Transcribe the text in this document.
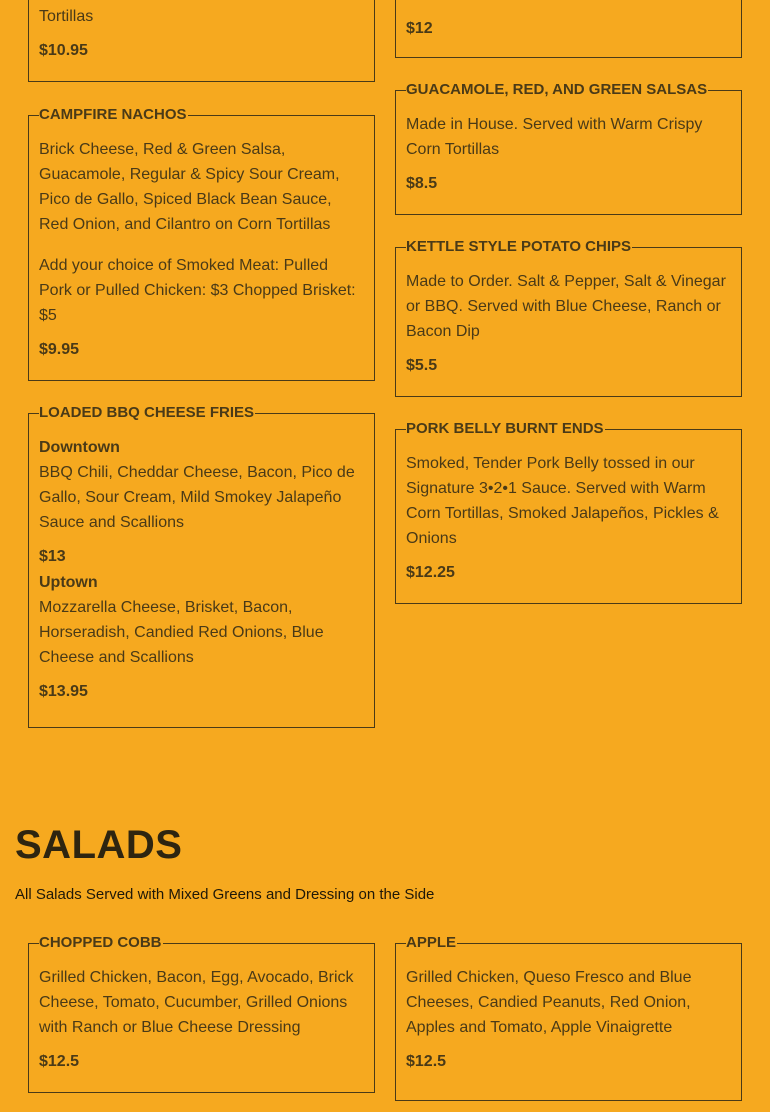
Tortillas

$10.95
$12
CAMPFIRE NACHOS

Brick Cheese, Red & Green Salsa, Guacamole, Regular & Spicy Sour Cream, Pico de Gallo, Spiced Black Bean Sauce, Red Onion, and Cilantro on Corn Tortillas

Add your choice of Smoked Meat: Pulled Pork or Pulled Chicken: $3 Chopped Brisket: $5

$9.95
GUACAMOLE, RED, AND GREEN SALSAS

Made in House. Served with Warm Crispy Corn Tortillas

$8.5
KETTLE STYLE POTATO CHIPS

Made to Order. Salt & Pepper, Salt & Vinegar or BBQ. Served with Blue Cheese, Ranch or Bacon Dip

$5.5
LOADED BBQ CHEESE FRIES
Downtown

BBQ Chili, Cheddar Cheese, Bacon, Pico de Gallo, Sour Cream, Mild Smokey Jalapeño Sauce and Scallions

$13
Uptown

Mozzarella Cheese, Brisket, Bacon, Horseradish, Candied Red Onions, Blue Cheese and Scallions

$13.95
PORK BELLY BURNT ENDS

Smoked, Tender Pork Belly tossed in our Signature 3•2•1 Sauce. Served with Warm Corn Tortillas, Smoked Jalapeños, Pickles & Onions

$12.25
SALADS

All Salads Served with Mixed Greens and Dressing on the Side

CHOPPED COBB

Grilled Chicken, Bacon, Egg, Avocado, Brick Cheese, Tomato, Cucumber, Grilled Onions with Ranch or Blue Cheese Dressing

$12.5
APPLE

Grilled Chicken, Queso Fresco and Blue Cheeses, Candied Peanuts, Red Onion, Apples and Tomato, Apple Vinaigrette

$12.5
